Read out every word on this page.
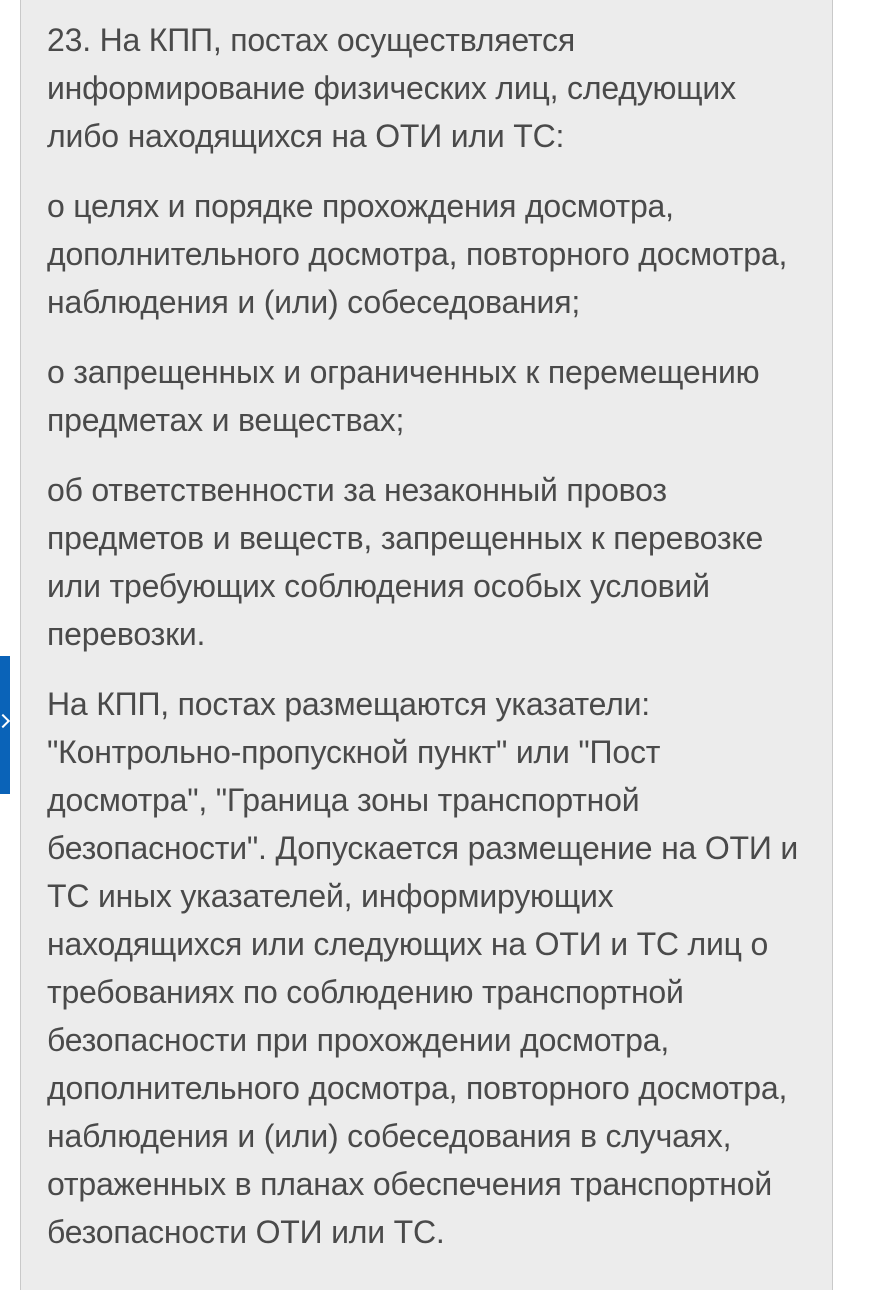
23. На КПП, постах осуществляется информирование физических лиц, следующих либо находящихся на ОТИ или ТС:

о целях и порядке прохождения досмотра, дополнительного досмотра, повторного досмотра, наблюдения и (или) собеседования;

о запрещенных и ограниченных к перемещению предметах и веществах;

об ответственности за незаконный провоз предметов и веществ, запрещенных к перевозке или требующих соблюдения особых условий перевозки.

На КПП, постах размещаются указатели: "Контрольно-пропускной пункт" или "Пост досмотра", "Граница зоны транспортной безопасности". Допускается размещение на ОТИ и ТС иных указателей, информирующих находящихся или следующих на ОТИ и ТС лиц о требованиях по соблюдению транспортной безопасности при прохождении досмотра, дополнительного досмотра, повторного досмотра, наблюдения и (или) собеседования в случаях, отраженных в планах обеспечения транспортной безопасности ОТИ или ТС.
